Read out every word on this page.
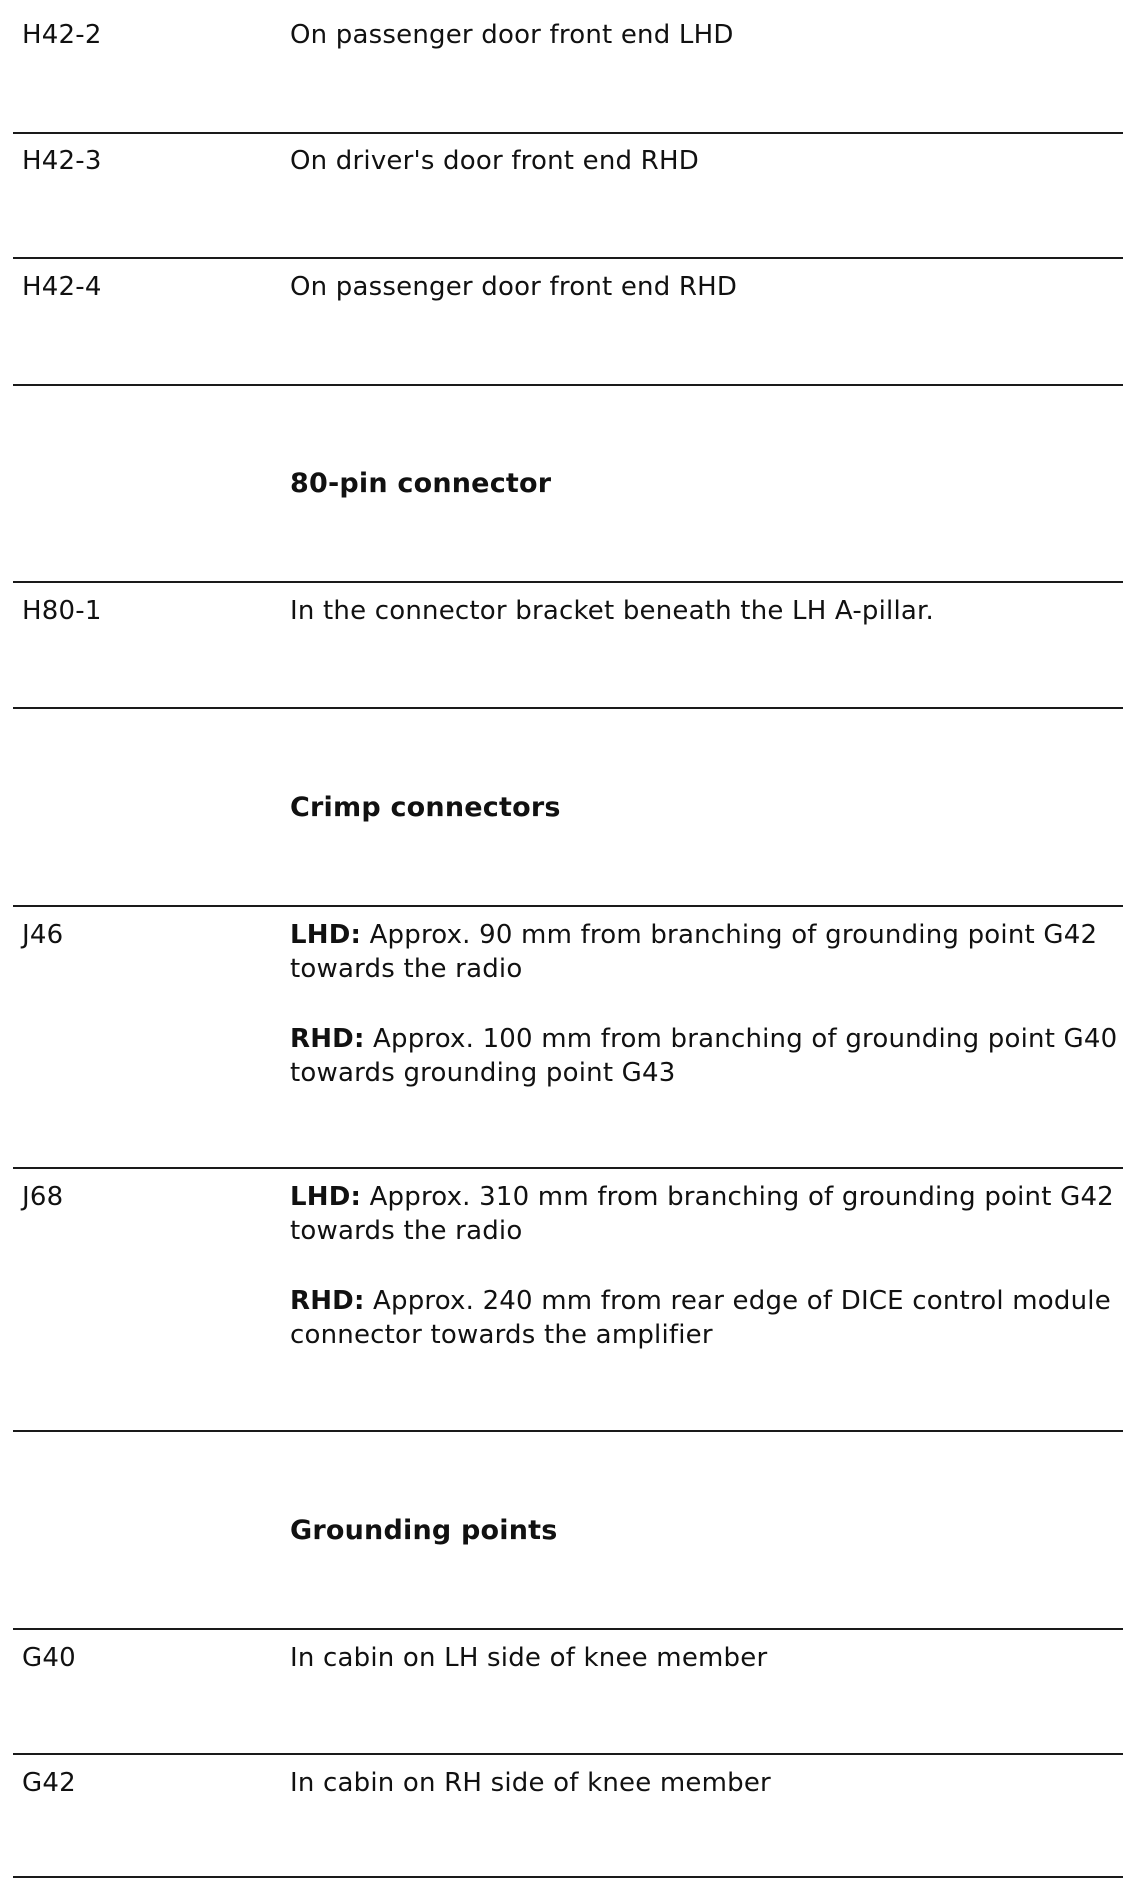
H42-2	On passenger door front end LHD
H42-3	On driver's door front end RHD
H42-4	On passenger door front end RHD
80-pin connector
H80-1	In the connector bracket beneath the LH A-pillar.
Crimp connectors
J46	LHD: Approx. 90 mm from branching of grounding point G42 towards the radio

RHD: Approx. 100 mm from branching of grounding point G40 towards grounding point G43

J68	LHD: Approx. 310 mm from branching of grounding point G42 towards the radio

RHD: Approx. 240 mm from rear edge of DICE control module connector towards the amplifier

Grounding points
G40	In cabin on LH side of knee member
G42	In cabin on RH side of knee member
